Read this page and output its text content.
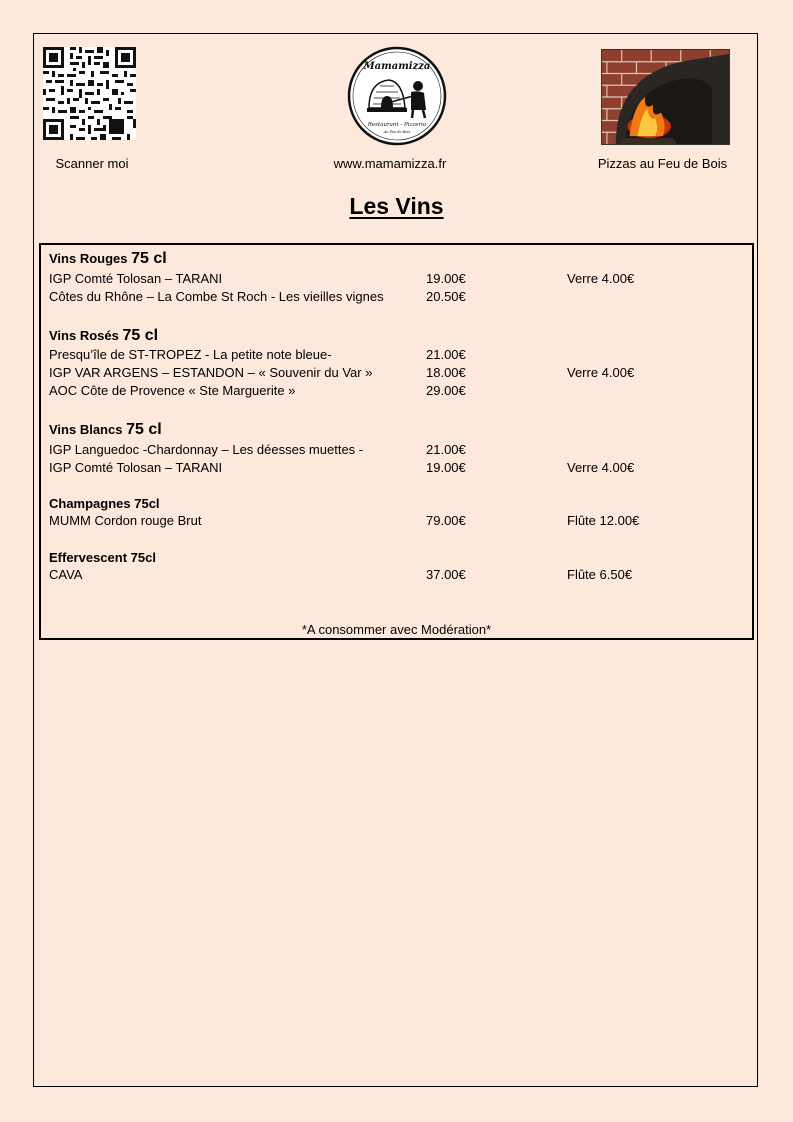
Scanner moi
Mamamizza
Restaurant - Pizzeria
Au Feu de Bois
www.mamamizza.fr	Pizzas au Feu de Bois
Les Vins
Vins Rouges 75 cl
IGP Comté Tolosan – TARANI	19.00€	Verre 4.00€
Côtes du Rhône – La Combe St Roch - Les vieilles vignes	20.50€
Vins Rosés 75 cl
Presqu’île de ST-TROPEZ - La petite note bleue-	21.00€
IGP VAR ARGENS – ESTANDON – « Souvenir du Var »	18.00€	Verre 4.00€
AOC Côte de Provence « Ste Marguerite »	29.00€
Vins Blancs 75 cl
IGP Languedoc -Chardonnay – Les déesses muettes -	21.00€
IGP Comté Tolosan – TARANI	19.00€	Verre 4.00€
Champagnes 75cl
MUMM Cordon rouge Brut	79.00€	Flûte 12.00€
Effervescent 75cl
CAVA	37.00€	Flûte 6.50€
*A consommer avec Modération*
